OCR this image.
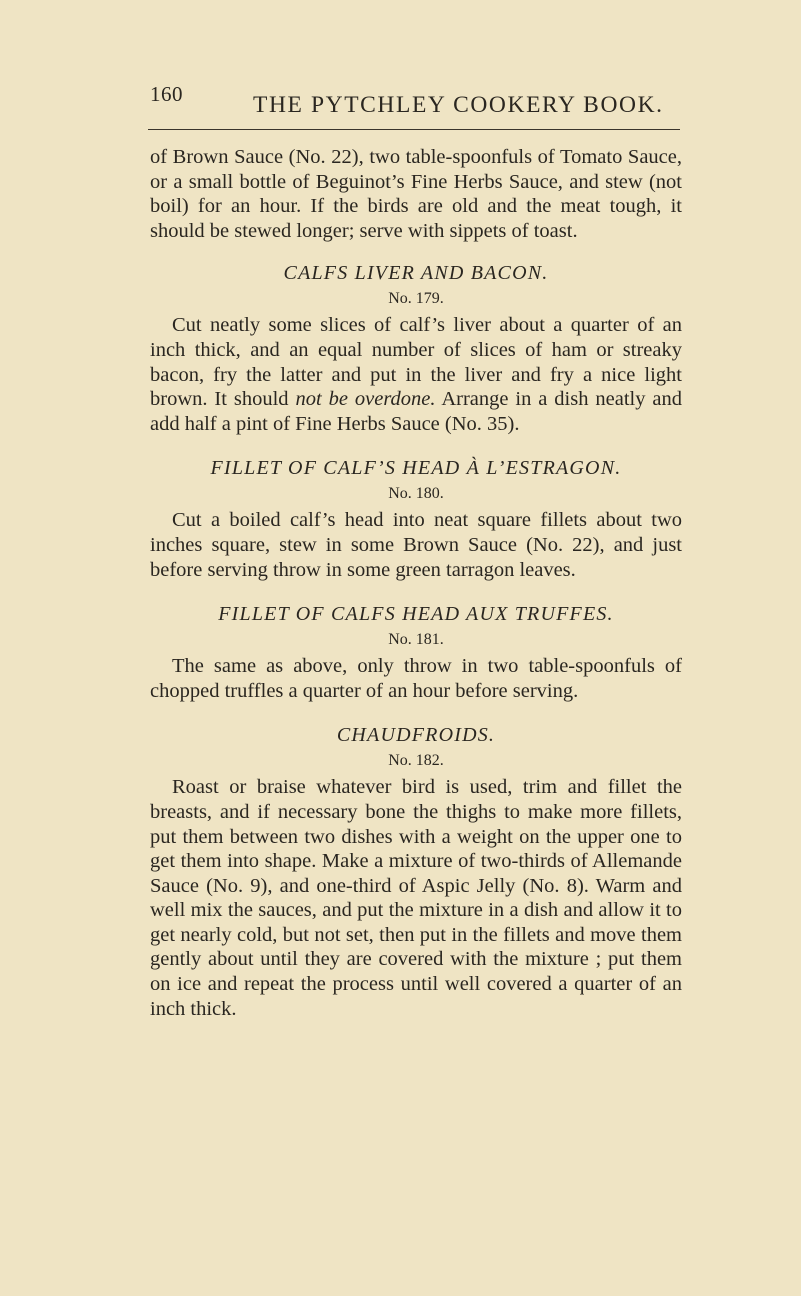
160	THE PYTCHLEY COOKERY BOOK.

of Brown Sauce (No. 22), two table-spoonfuls of Tomato Sauce, or a small bottle of Beguinot’s Fine Herbs Sauce, and stew (not boil) for an hour. If the birds are old and the meat tough, it should be stewed longer; serve with sippets of toast.

CALFS LIVER AND BACON.
No. 179.

Cut neatly some slices of calf’s liver about a quarter of an inch thick, and an equal number of slices of ham or streaky bacon, fry the latter and put in the liver and fry a nice light brown. It should not be overdone. Arrange in a dish neatly and add half a pint of Fine Herbs Sauce (No. 35).

FILLET OF CALF’S HEAD À L’ESTRAGON.
No. 180.

Cut a boiled calf’s head into neat square fillets about two inches square, stew in some Brown Sauce (No. 22), and just before serving throw in some green tarragon leaves.

FILLET OF CALFS HEAD AUX TRUFFES.
No. 181.

The same as above, only throw in two table-spoonfuls of chopped truffles a quarter of an hour before serving.

CHAUDFROIDS.
No. 182.

Roast or braise whatever bird is used, trim and fillet the breasts, and if necessary bone the thighs to make more fillets, put them between two dishes with a weight on the upper one to get them into shape. Make a mixture of two-thirds of Allemande Sauce (No. 9), and one-third of Aspic Jelly (No. 8). Warm and well mix the sauces, and put the mixture in a dish and allow it to get nearly cold, but not set, then put in the fillets and move them gently about until they are covered with the mixture ; put them on ice and repeat the process until well covered a quarter of an inch thick.
